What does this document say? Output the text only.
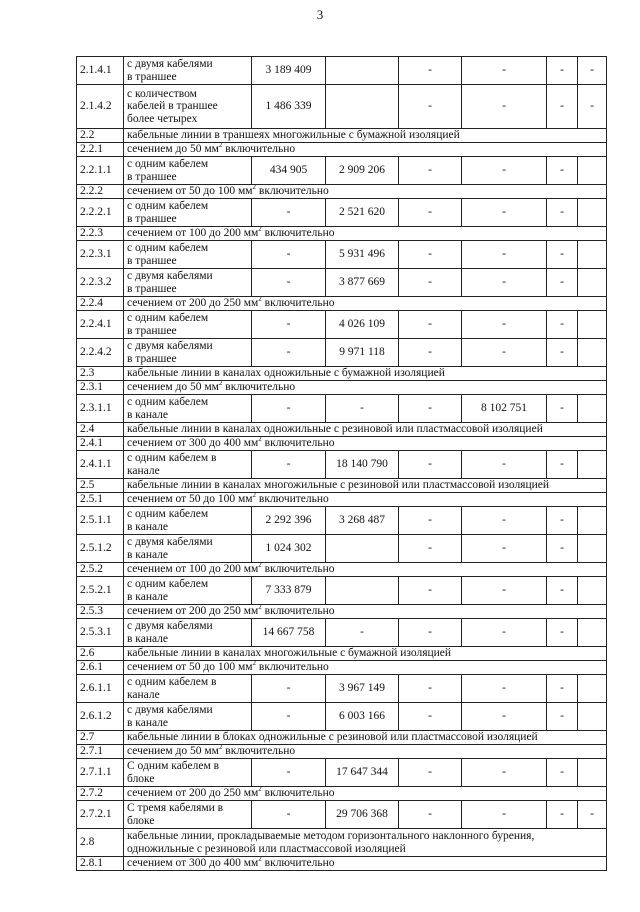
3
2.1.4.1	с двумя кабелями
в траншее	3 189 409		-	-	-	-
2.1.4.2	с количеством
кабелей в траншее
более четырех	1 486 339		-	-	-	-
2.2	кабельные линии в траншеях многожильные с бумажной изоляцией						
2.2.1	сечением до 50 $мм^2$ включительно						
2.2.1.1	с одним кабелем
в траншее	434 905	2 909 206	-	-	-	
2.2.2	сечением от 50 до 100 $мм^2$ включительно						
2.2.2.1	с одним кабелем
в траншее	-	2 521 620	-	-	-	
2.2.3	сечением от 100 до 200 $мм^2$ включительно						
2.2.3.1	с одним кабелем
в траншее	-	5 931 496	-	-	-	
2.2.3.2	с двумя кабелями
в траншее	-	3 877 669	-	-	-	
2.2.4	сечением от 200 до 250 $мм^2$ включительно						
2.2.4.1	с одним кабелем
в траншее	-	4 026 109	-	-	-	
2.2.4.2	с двумя кабелями
в траншее	-	9 971 118	-	-	-	
2.3	кабельные линии в каналах одножильные с бумажной изоляцией						
2.3.1	сечением до 50 $мм^2$ включительно						
2.3.1.1	с одним кабелем
в канале	-	-	-	8 102 751	-	
2.4	кабельные линии в каналах одножильные с резиновой или пластмассовой изоляцией						
2.4.1	сечением от 300 до 400 $мм^2$ включительно						
2.4.1.1	с одним кабелем в
канале	-	18 140 790	-	-	-	
2.5	кабельные линии в каналах многожильные с резиновой или пластмассовой изоляцией						
2.5.1	сечением от 50 до 100 $мм^2$ включительно						
2.5.1.1	с одним кабелем
в канале	2 292 396	3 268 487	-	-	-	
2.5.1.2	с двумя кабелями
в канале	1 024 302		-	-	-	
2.5.2	сечением от 100 до 200 $мм^2$ включительно						
2.5.2.1	с одним кабелем
в канале	7 333 879		-	-	-	
2.5.3	сечением от 200 до 250 $мм^2$ включительно						
2.5.3.1	с двумя кабелями
в канале	14 667 758	-	-	-	-	
2.6	кабельные линии в каналах многожильные с бумажной изоляцией						
2.6.1	сечением от 50 до 100 $мм^2$ включительно						
2.6.1.1	с одним кабелем в
канале	-	3 967 149	-	-	-	
2.6.1.2	с двумя кабелями
в канале	-	6 003 166	-	-	-	
2.7	кабельные линии в блоках одножильные с резиновой или пластмассовой изоляцией						
2.7.1	сечением до 50 $мм^2$ включительно						
2.7.1.1	С одним кабелем в
блоке	-	17 647 344	-	-	-	
2.7.2	сечением от 200 до 250 $мм^2$ включительно						
2.7.2.1	С тремя кабелями в
блоке	-	29 706 368	-	-	-	-
2.8	кабельные линии, прокладываемые методом горизонтального наклонного бурения, одножильные с резиновой или пластмассовой изоляцией						
2.8.1	сечением от 300 до 400 $мм^2$ включительно						
